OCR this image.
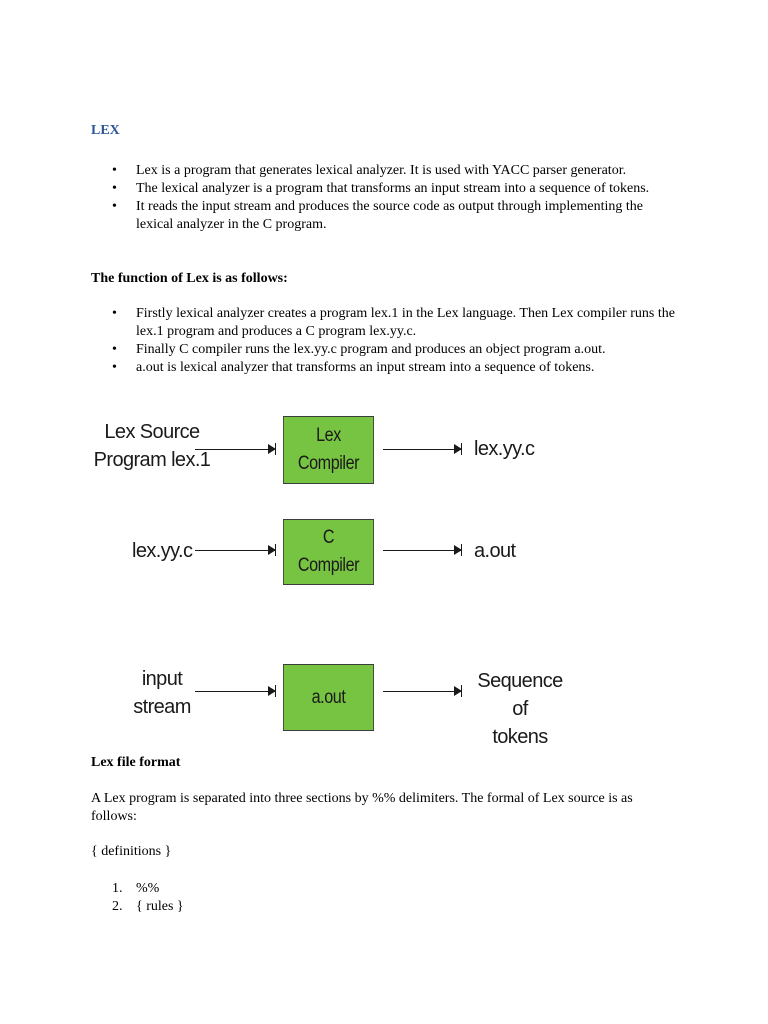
LEX
• Lex is a program that generates lexical analyzer. It is used with YACC parser generator.
• The lexical analyzer is a program that transforms an input stream into a sequence of tokens.
• It reads the input stream and produces the source code as output through implementing the lexical analyzer in the C program.
The function of Lex is as follows:
• Firstly lexical analyzer creates a program lex.1 in the Lex language. Then Lex compiler runs the lex.1 program and produces a C program lex.yy.c.
• Finally C compiler runs the lex.yy.c program and produces an object program a.out.
• a.out is lexical analyzer that transforms an input stream into a sequence of tokens.
Lex Source
Program lex.1
Lex
Compiler
lex.yy.c
lex.yy.c
C
Compiler
a.out
input
stream	a.out
Sequence of
tokens
Lex file format
A Lex program is separated into three sections by %% delimiters. The formal of Lex source is as follows:
{ definitions }
1. %%
2. { rules }
